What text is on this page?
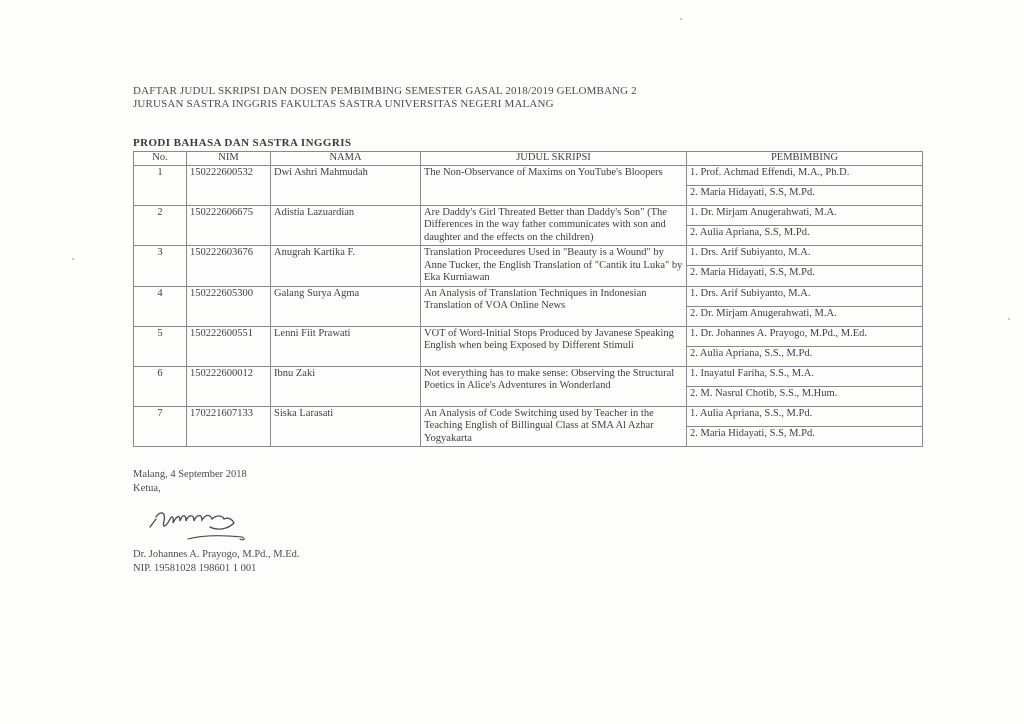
DAFTAR JUDUL SKRIPSI DAN DOSEN PEMBIMBING SEMESTER GASAL 2018/2019 GELOMBANG 2
JURUSAN SASTRA INGGRIS FAKULTAS SASTRA UNIVERSITAS NEGERI MALANG
PRODI BAHASA DAN SASTRA INGGRIS
No.	NIM	NAMA	JUDUL SKRIPSI	PEMBIMBING
1	150222600532	Dwi Ashri Mahmudah	The Non-Observance of Maxims on YouTube's Bloopers	1. Prof. Achmad Effendi, M.A., Ph.D.
				2. Maria Hidayati, S.S, M.Pd.
2	150222606675	Adistia Lazuardian	Are Daddy's Girl Threated Better than Daddy's Son" (The Differences in the way father communicates with son and daughter and the effects on the children)	1. Dr. Mirjam Anugerahwati, M.A.
				2. Aulia Apriana, S.S, M.Pd.
3	150222603676	Anugrah Kartika F.	Translation Proceedures Used in "Beauty is a Wound" by Anne Tucker, the English Translation of "Cantik itu Luka" by Eka Kurniawan	1. Drs. Arif Subiyanto, M.A.
				2. Maria Hidayati, S.S, M.Pd.
4	150222605300	Galang Surya Agma	An Analysis of Translation Techniques in Indonesian Translation of VOA Online News	1. Drs. Arif Subiyanto, M.A.
				2. Dr. Mirjam Anugerahwati, M.A.
5	150222600551	Lenni Fiit Prawati	VOT of Word-Initial Stops Produced by Javanese Speaking English when being Exposed by Different Stimuli	1. Dr. Johannes A. Prayogo, M.Pd., M.Ed.
				2. Aulia Apriana, S.S., M.Pd.
6	150222600012	Ibnu Zaki	Not everything has to make sense: Observing the Structural Poetics in Alice's Adventures in Wonderland	1. Inayatul Fariha, S.S., M.A.
				2. M. Nasrul Chotib, S.S., M.Hum.
7	170221607133	Siska Larasati	An Analysis of Code Switching used by Teacher in the Teaching English of Billingual Class at SMA Al Azhar Yogyakarta	1. Aulia Apriana, S.S., M.Pd.
				2. Maria Hidayati, S.S, M.Pd.
Malang, 4 September 2018
Ketua,
Dr. Johannes A. Prayogo, M.Pd., M.Ed.
NIP. 19581028 198601 1 001
